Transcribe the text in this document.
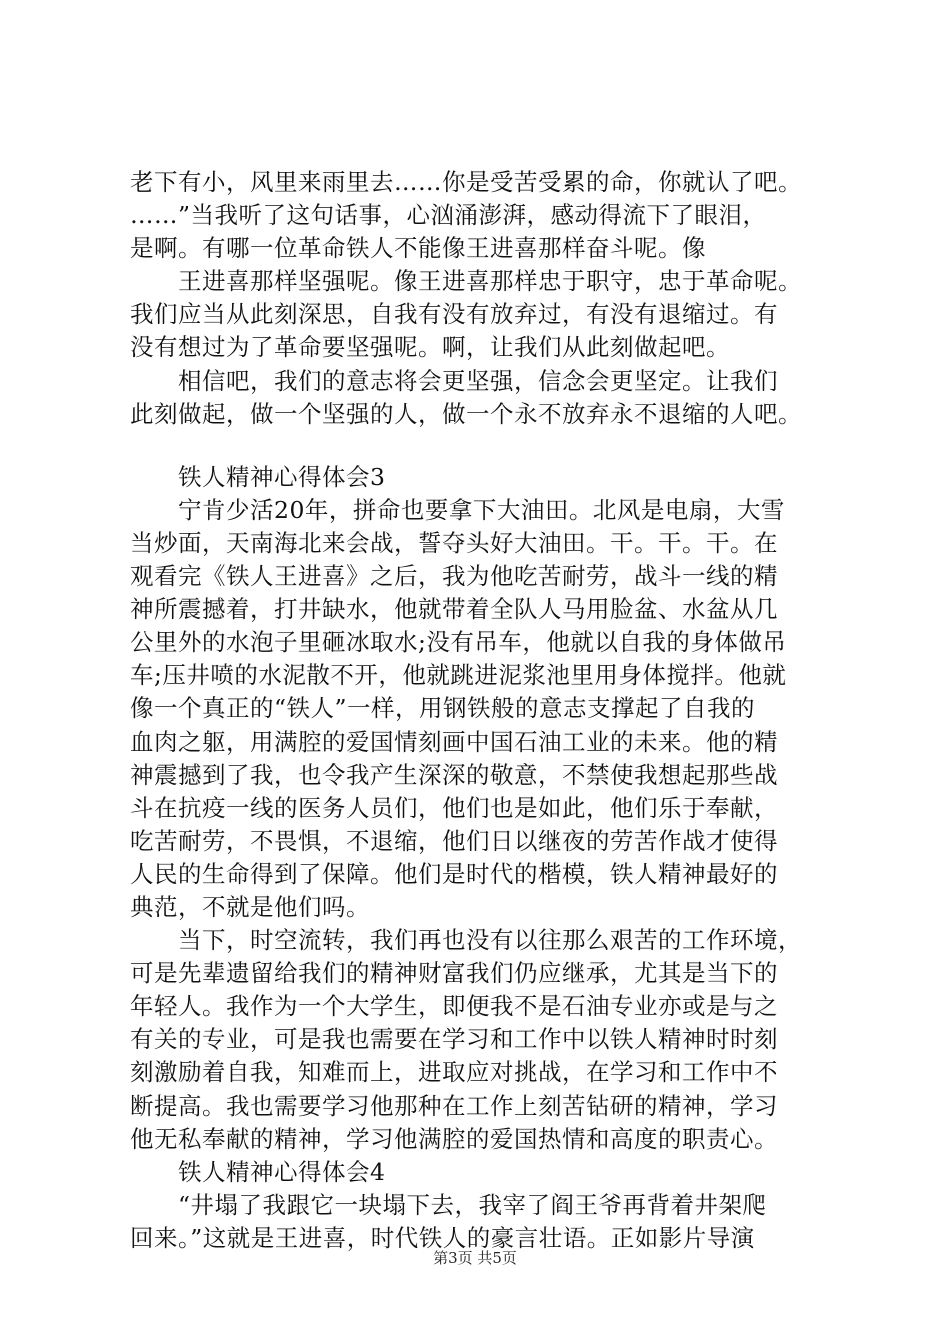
老下有小，风里来雨里去……你是受苦受累的命，你就认了吧。
……”当我听了这句话事，心汹涌澎湃，感动得流下了眼泪，
是啊。有哪一位革命铁人不能像王进喜那样奋斗呢。像
　　王进喜那样坚强呢。像王进喜那样忠于职守，忠于革命呢。
我们应当从此刻深思，自我有没有放弃过，有没有退缩过。有
没有想过为了革命要坚强呢。啊，让我们从此刻做起吧。
　　相信吧，我们的意志将会更坚强，信念会更坚定。让我们
此刻做起，做一个坚强的人，做一个永不放弃永不退缩的人吧。
　　铁人精神心得体会3
　　宁肯少活20年，拼命也要拿下大油田。北风是电扇，大雪
当炒面，天南海北来会战，誓夺头好大油田。干。干。干。在
观看完《铁人王进喜》之后，我为他吃苦耐劳，战斗一线的精
神所震撼着，打井缺水，他就带着全队人马用脸盆、水盆从几
公里外的水泡子里砸冰取水;没有吊车，他就以自我的身体做吊
车;压井喷的水泥散不开，他就跳进泥浆池里用身体搅拌。他就
像一个真正的“铁人”一样，用钢铁般的意志支撑起了自我的
血肉之躯，用满腔的爱国情刻画中国石油工业的未来。他的精
神震撼到了我，也令我产生深深的敬意，不禁使我想起那些战
斗在抗疫一线的医务人员们，他们也是如此，他们乐于奉献，
吃苦耐劳，不畏惧，不退缩，他们日以继夜的劳苦作战才使得
人民的生命得到了保障。他们是时代的楷模，铁人精神最好的
典范，不就是他们吗。
　　当下，时空流转，我们再也没有以往那么艰苦的工作环境，
可是先辈遗留给我们的精神财富我们仍应继承，尤其是当下的
年轻人。我作为一个大学生，即便我不是石油专业亦或是与之
有关的专业，可是我也需要在学习和工作中以铁人精神时时刻
刻激励着自我，知难而上，进取应对挑战，在学习和工作中不
断提高。我也需要学习他那种在工作上刻苦钻研的精神，学习
他无私奉献的精神，学习他满腔的爱国热情和高度的职责心。
　　铁人精神心得体会4
　　“井塌了我跟它一块塌下去，我宰了阎王爷再背着井架爬
回来。”这就是王进喜，时代铁人的豪言壮语。正如影片导演
第3页 共5页
